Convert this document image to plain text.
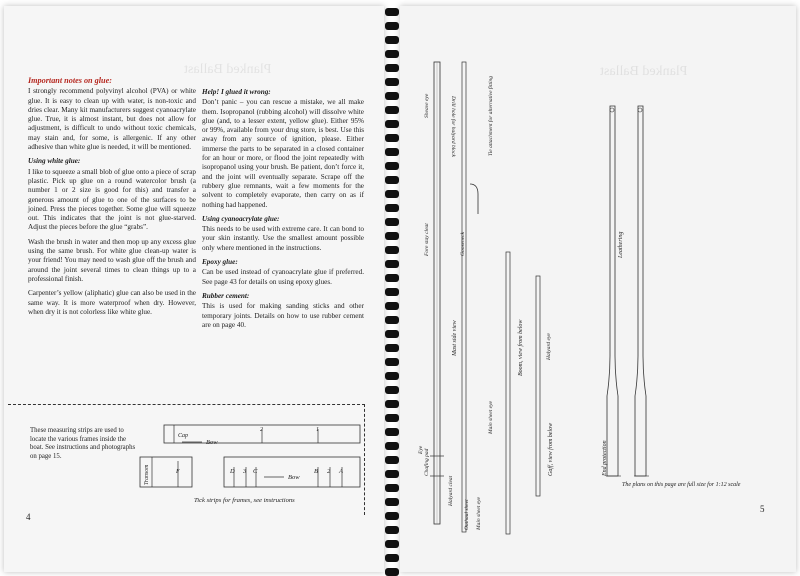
Planked Ballast

Important notes on glue:

I strongly recommend polyvinyl alcohol (PVA) or white glue. It is easy to clean up with water, is non-toxic and dries clear. Many kit manufacturers suggest cyanoacrylate glue. True, it is almost instant, but does not allow for adjustment, is difficult to undo without toxic chemicals, may stain and, for some, is allergenic. If any other adhesive than white glue is needed, it will be mentioned.

Using white glue:

I like to squeeze a small blob of glue onto a piece of scrap plastic. Pick up glue on a round watercolor brush (a number 1 or 2 size is good for this) and transfer a generous amount of glue to one of the surfaces to be joined. Press the pieces together. Some glue will squeeze out. This indicates that the joint is not glue-starved. Adjust the pieces before the glue “grabs”.

Wash the brush in water and then mop up any excess glue using the same brush. For white glue clean-up water is your friend! You may need to wash glue off the brush and around the joint several times to clean things up to a professional finish.

Carpenter’s yellow (aliphatic) glue can also be used in the same way. It is more waterproof when dry. However, when dry it is not colorless like white glue.

Help! I glued it wrong:

Don’t panic – you can rescue a mistake, we all make them. Isopropanol (rubbing alcohol) will dissolve white glue (and, to a lesser extent, yellow glue). Either 95% or 99%, available from your drug store, is best. Use this away from any source of ignition, please. Either immerse the parts to be separated in a closed container for an hour or more, or flood the joint repeatedly with isopropanol using your brush. Be patient, don’t force it, and the joint will eventually separate. Scrape off the rubbery glue remnants, wait a few moments for the solvent to completely evaporate, then carry on as if nothing had happened.

Using cyanoacrylate glue:

This needs to be used with extreme care. It can bond to your skin instantly. Use the smallest amount possible only where mentioned in the instructions.

Epoxy glue:

Can be used instead of cyanoacrylate glue if preferred. See page 43 for details on using epoxy glues.

Rubber cement:

This is used for making sanding sticks and other temporary joints. Details on how to use rubber cement are on page 40.

These measuring strips are used to locate the various frames inside the boat. See instructions and photographs on page 15.
Cap
2	1
Bow
Transom	F	D 3 C	B 2 A
Bow
Tick strips for frames, see instructions
4
Planked Ballast
Drill hole for halyard block
Sheave eye	Tie attachment for alternative fitting
Fore stay cleat	Gooseneck
Mast side view	Boom, view from below	Halyard eye
Gaff, view from below
Chafing pad
Eye
Halyard cleat
Outhaul sheet Main sheet eye
Main sheet eye
Leathering
End protection
The plans on this page are full size for 1:12 scale
5
